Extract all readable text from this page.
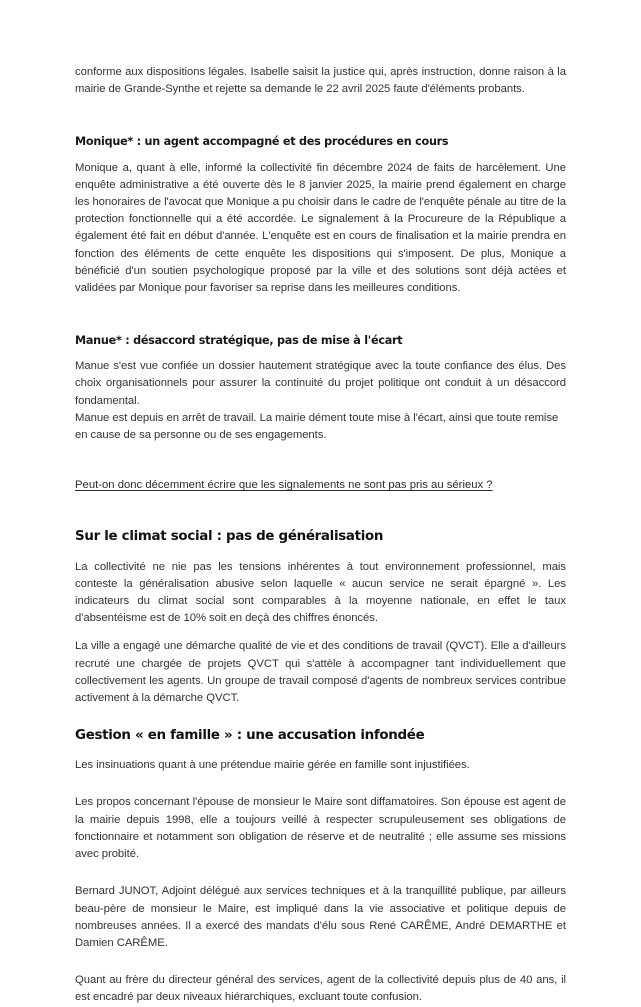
conforme aux dispositions légales. Isabelle saisit la justice qui, après instruction, donne raison à la mairie de Grande-Synthe et rejette sa demande le 22 avril 2025 faute d'éléments probants.

Monique* : un agent accompagné et des procédures en cours

Monique a, quant à elle, informé la collectivité fin décembre 2024 de faits de harcèlement. Une enquête administrative a été ouverte dès le 8 janvier 2025, la mairie prend également en charge les honoraires de l'avocat que Monique a pu choisir dans le cadre de l'enquête pénale au titre de la protection fonctionnelle qui a été accordée. Le signalement à la Procureure de la République a également été fait en début d'année. L'enquête est en cours de finalisation et la mairie prendra en fonction des éléments de cette enquête les dispositions qui s'imposent. De plus, Monique a bénéficié d'un soutien psychologique proposé par la ville et des solutions sont déjà actées et validées par Monique pour favoriser sa reprise dans les meilleures conditions.

Manue* : désaccord stratégique, pas de mise à l'écart

Manue s'est vue confiée un dossier hautement stratégique avec la toute confiance des élus. Des choix organisationnels pour assurer la continuité du projet politique ont conduit à un désaccord fondamental.

Manue est depuis en arrêt de travail. La mairie dément toute mise à l'écart, ainsi que toute remise en cause de sa personne ou de ses engagements.

Peut-on donc décemment écrire que les signalements ne sont pas pris au sérieux ?
Sur le climat social : pas de généralisation

La collectivité ne nie pas les tensions inhérentes à tout environnement professionnel, mais conteste la généralisation abusive selon laquelle « aucun service ne serait épargné ». Les indicateurs du climat social sont comparables à la moyenne nationale, en effet le taux d'absentéisme est de 10% soit en deçà des chiffres énoncés.

La ville a engagé une démarche qualité de vie et des conditions de travail (QVCT). Elle a d'ailleurs recruté une chargée de projets QVCT qui s'attèle à accompagner tant individuellement que collectivement les agents. Un groupe de travail composé d'agents de nombreux services contribue activement à la démarche QVCT.

Gestion « en famille » : une accusation infondée

Les insinuations quant à une prétendue mairie gérée en famille sont injustifiées.

Les propos concernant l'épouse de monsieur le Maire sont diffamatoires. Son épouse est agent de la mairie depuis 1998, elle a toujours veillé à respecter scrupuleusement ses obligations de fonctionnaire et notamment son obligation de réserve et de neutralité ; elle assume ses missions avec probité.

Bernard JUNOT, Adjoint délégué aux services techniques et à la tranquillité publique, par ailleurs beau-père de monsieur le Maire, est impliqué dans la vie associative et politique depuis de nombreuses années. Il a exercé des mandats d'élu sous René CARÊME, André DEMARTHE et Damien CARÊME.

Quant au frère du directeur général des services, agent de la collectivité depuis plus de 40 ans, il est encadré par deux niveaux hiérarchiques, excluant toute confusion.
